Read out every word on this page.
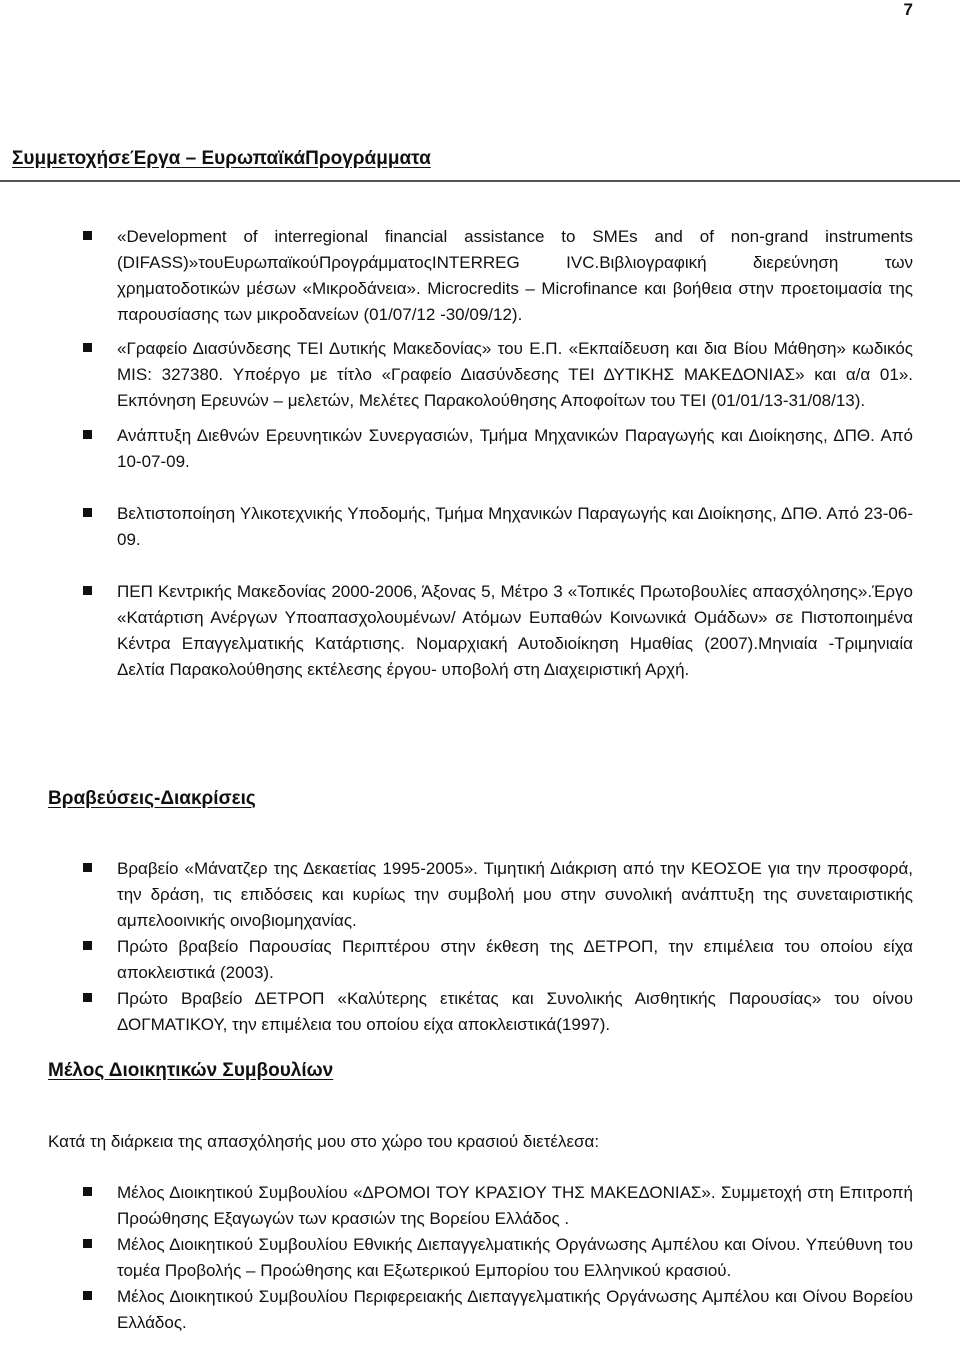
7
ΣυμμετοχήσεΈργα – ΕυρωπαϊκάΠρογράμματα
«Development of interregional financial assistance to SMEs and of non-grand instruments (DIFASS)»τουΕυρωπαϊκούΠρογράμματοςINTERREG IVC.Βιβλιογραφική διερεύνηση των χρηματοδοτικών μέσων «Μικροδάνεια». Microcredits – Microfinance και βοήθεια στην προετοιμασία της παρουσίασης των μικροδανείων (01/07/12 -30/09/12).
«Γραφείο Διασύνδεσης ΤΕΙ Δυτικής Μακεδονίας» του Ε.Π. «Εκπαίδευση και δια Βίου Μάθηση» κωδικός MIS: 327380. Υποέργο με τίτλο «Γραφείο Διασύνδεσης ΤΕΙ ΔΥΤΙΚΗΣ ΜΑΚΕΔΟΝΙΑΣ» και α/α 01». Εκπόνηση Ερευνών – μελετών, Μελέτες Παρακολούθησης Αποφοίτων του ΤΕΙ (01/01/13-31/08/13).
Ανάπτυξη Διεθνών Ερευνητικών Συνεργασιών, Τμήμα Μηχανικών Παραγωγής και Διοίκησης, ΔΠΘ. Από 10-07-09.
Βελτιστοποίηση Υλικοτεχνικής Υποδομής, Τμήμα Μηχανικών Παραγωγής και Διοίκησης, ΔΠΘ. Από 23-06-09.
ΠΕΠ Κεντρικής Μακεδονίας 2000-2006, Άξονας 5, Μέτρο 3 «Τοπικές Πρωτοβουλίες απασχόλησης».Έργο «Κατάρτιση Ανέργων Υποαπασχολουμένων/ Ατόμων Ευπαθών Κοινωνικά Ομάδων» σε Πιστοποιημένα Κέντρα Επαγγελματικής Κατάρτισης. Νομαρχιακή Αυτοδιοίκηση Ημαθίας (2007).Μηνιαία -Τριμηνιαία Δελτία Παρακολούθησης εκτέλεσης έργου- υποβολή στη Διαχειριστική Αρχή.
Βραβεύσεις-Διακρίσεις
Βραβείο «Μάνατζερ της Δεκαετίας 1995-2005». Τιμητική Διάκριση από την ΚΕΟΣΟΕ για την προσφορά, την δράση, τις επιδόσεις και κυρίως την συμβολή μου στην συνολική ανάπτυξη της συνεταιριστικής αμπελοοινικής οινοβιομηχανίας.
Πρώτο βραβείο Παρουσίας Περιπτέρου στην έκθεση της ΔΕΤΡΟΠ, την επιμέλεια του οποίου είχα αποκλειστικά (2003).
Πρώτο Βραβείο ΔΕΤΡΟΠ «Καλύτερης ετικέτας και Συνολικής Αισθητικής Παρουσίας» του οίνου ΔΟΓΜΑΤΙΚΟΥ, την επιμέλεια του οποίου είχα αποκλειστικά(1997).
Μέλος Διοικητικών Συμβουλίων
Κατά τη διάρκεια της απασχόλησής μου στο χώρο του κρασιού διετέλεσα:
Μέλος Διοικητικού Συμβουλίου «ΔΡΟΜΟΙ ΤΟΥ ΚΡΑΣΙΟΥ ΤΗΣ ΜΑΚΕΔΟΝΙΑΣ». Συμμετοχή στη Επιτροπή Προώθησης Εξαγωγών των κρασιών της Βορείου Ελλάδος .
Μέλος Διοικητικού Συμβουλίου Εθνικής Διεπαγγελματικής Οργάνωσης Αμπέλου και Οίνου. Υπεύθυνη του τομέα Προβολής – Προώθησης και Εξωτερικού Εμπορίου του Ελληνικού κρασιού.
Μέλος Διοικητικού Συμβουλίου Περιφερειακής Διεπαγγελματικής Οργάνωσης Αμπέλου και Οίνου Βορείου Ελλάδος.
